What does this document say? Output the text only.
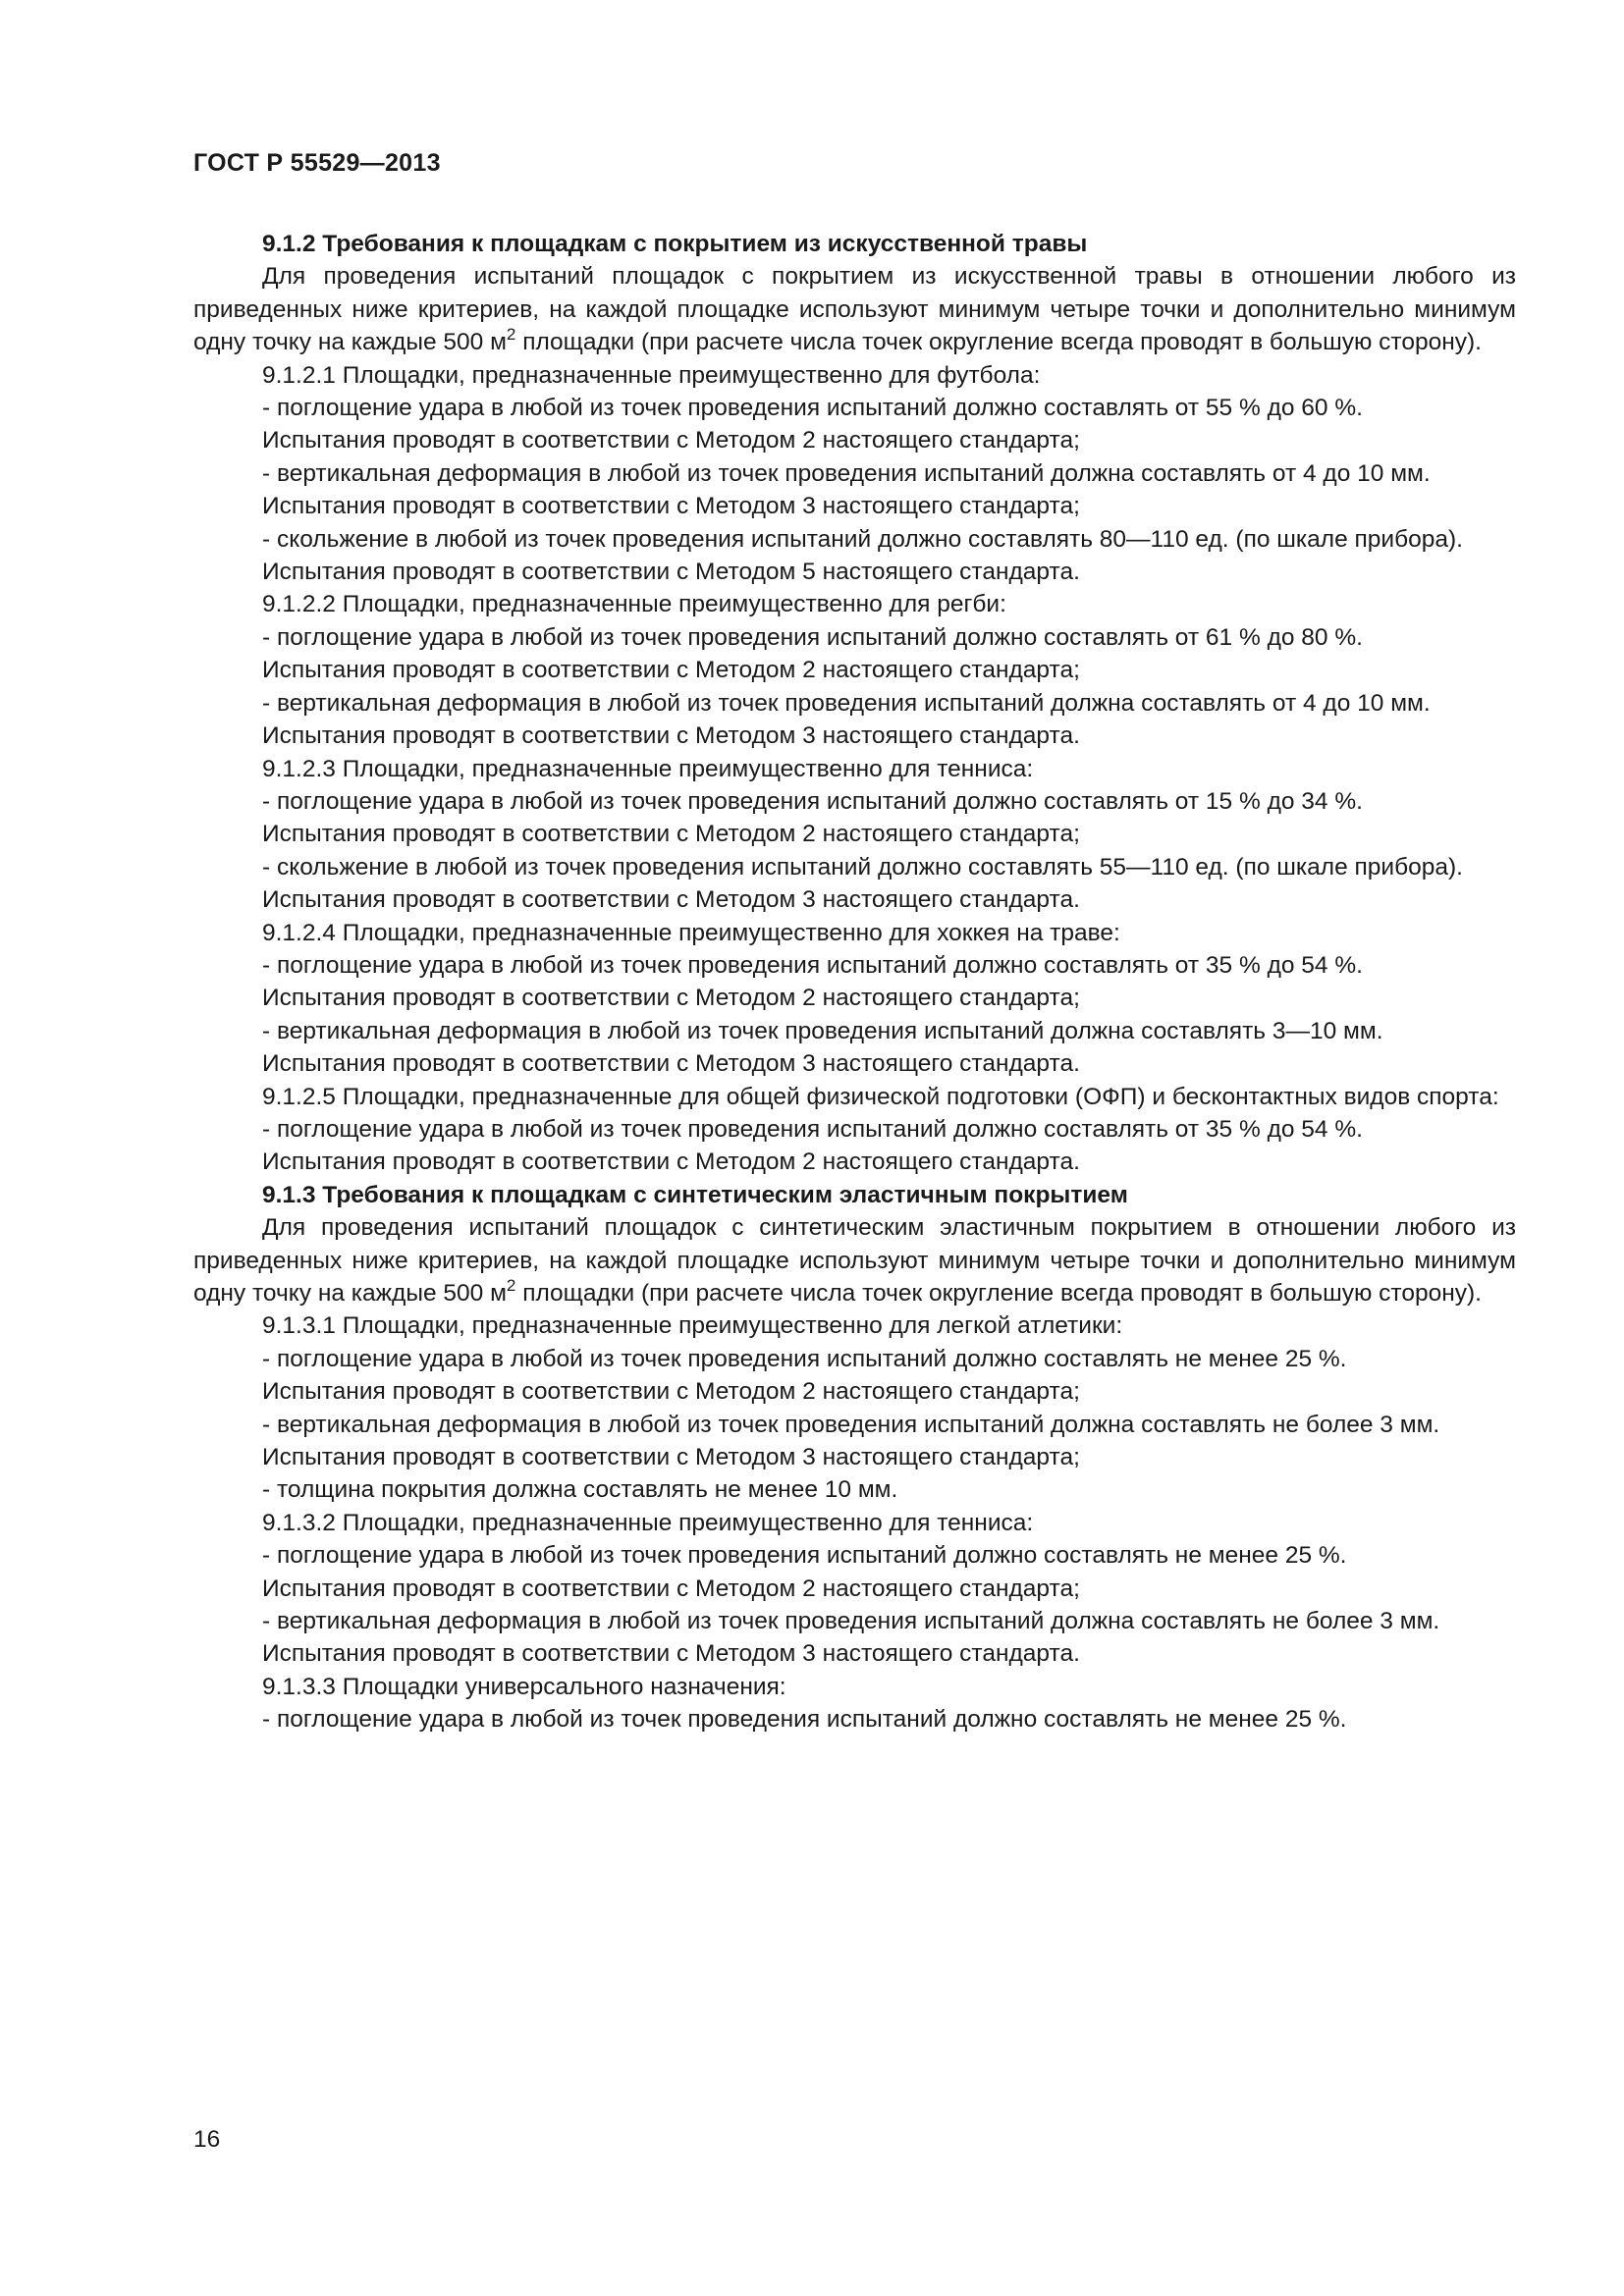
ГОСТ Р 55529—2013

9.1.2 Требования к площадкам с покрытием из искусственной травы

Для проведения испытаний площадок с покрытием из искусственной травы в отношении любого из приведенных ниже критериев, на каждой площадке используют минимум четыре точки и дополнительно минимум одну точку на каждые 500 $м^2$ площадки (при расчете числа точек округление всегда проводят в большую сторону).

9.1.2.1 Площадки, предназначенные преимущественно для футбола:

- поглощение удара в любой из точек проведения испытаний должно составлять от 55 % до 60 %.

Испытания проводят в соответствии с Методом 2 настоящего стандарта;

- вертикальная деформация в любой из точек проведения испытаний должна составлять от 4 до 10 мм.

Испытания проводят в соответствии с Методом 3 настоящего стандарта;

- скольжение в любой из точек проведения испытаний должно составлять 80—110 ед. (по шкале прибора).

Испытания проводят в соответствии с Методом 5 настоящего стандарта.

9.1.2.2 Площадки, предназначенные преимущественно для регби:

- поглощение удара в любой из точек проведения испытаний должно составлять от 61 % до 80 %.

Испытания проводят в соответствии с Методом 2 настоящего стандарта;

- вертикальная деформация в любой из точек проведения испытаний должна составлять от 4 до 10 мм.

Испытания проводят в соответствии с Методом 3 настоящего стандарта.

9.1.2.3 Площадки, предназначенные преимущественно для тенниса:

- поглощение удара в любой из точек проведения испытаний должно составлять от 15 % до 34 %.

Испытания проводят в соответствии с Методом 2 настоящего стандарта;

- скольжение в любой из точек проведения испытаний должно составлять 55—110 ед. (по шкале прибора).

Испытания проводят в соответствии с Методом 3 настоящего стандарта.

9.1.2.4 Площадки, предназначенные преимущественно для хоккея на траве:

- поглощение удара в любой из точек проведения испытаний должно составлять от 35 % до 54 %.

Испытания проводят в соответствии с Методом 2 настоящего стандарта;

- вертикальная деформация в любой из точек проведения испытаний должна составлять 3—10 мм.

Испытания проводят в соответствии с Методом 3 настоящего стандарта.

9.1.2.5 Площадки, предназначенные для общей физической подготовки (ОФП) и бесконтактных видов спорта:

- поглощение удара в любой из точек проведения испытаний должно составлять от 35 % до 54 %.

Испытания проводят в соответствии с Методом 2 настоящего стандарта.

9.1.3 Требования к площадкам с синтетическим эластичным покрытием

Для проведения испытаний площадок с синтетическим эластичным покрытием в отношении любого из приведенных ниже критериев, на каждой площадке используют минимум четыре точки и дополнительно минимум одну точку на каждые 500 $м^2$ площадки (при расчете числа точек округление всегда проводят в большую сторону).

9.1.3.1 Площадки, предназначенные преимущественно для легкой атлетики:

- поглощение удара в любой из точек проведения испытаний должно составлять не менее 25 %.

Испытания проводят в соответствии с Методом 2 настоящего стандарта;

- вертикальная деформация в любой из точек проведения испытаний должна составлять не более 3 мм.

Испытания проводят в соответствии с Методом 3 настоящего стандарта;

- толщина покрытия должна составлять не менее 10 мм.

9.1.3.2 Площадки, предназначенные преимущественно для тенниса:

- поглощение удара в любой из точек проведения испытаний должно составлять не менее 25 %.

Испытания проводят в соответствии с Методом 2 настоящего стандарта;

- вертикальная деформация в любой из точек проведения испытаний должна составлять не более 3 мм.

Испытания проводят в соответствии с Методом 3 настоящего стандарта.

9.1.3.3 Площадки универсального назначения:

- поглощение удара в любой из точек проведения испытаний должно составлять не менее 25 %.

16
